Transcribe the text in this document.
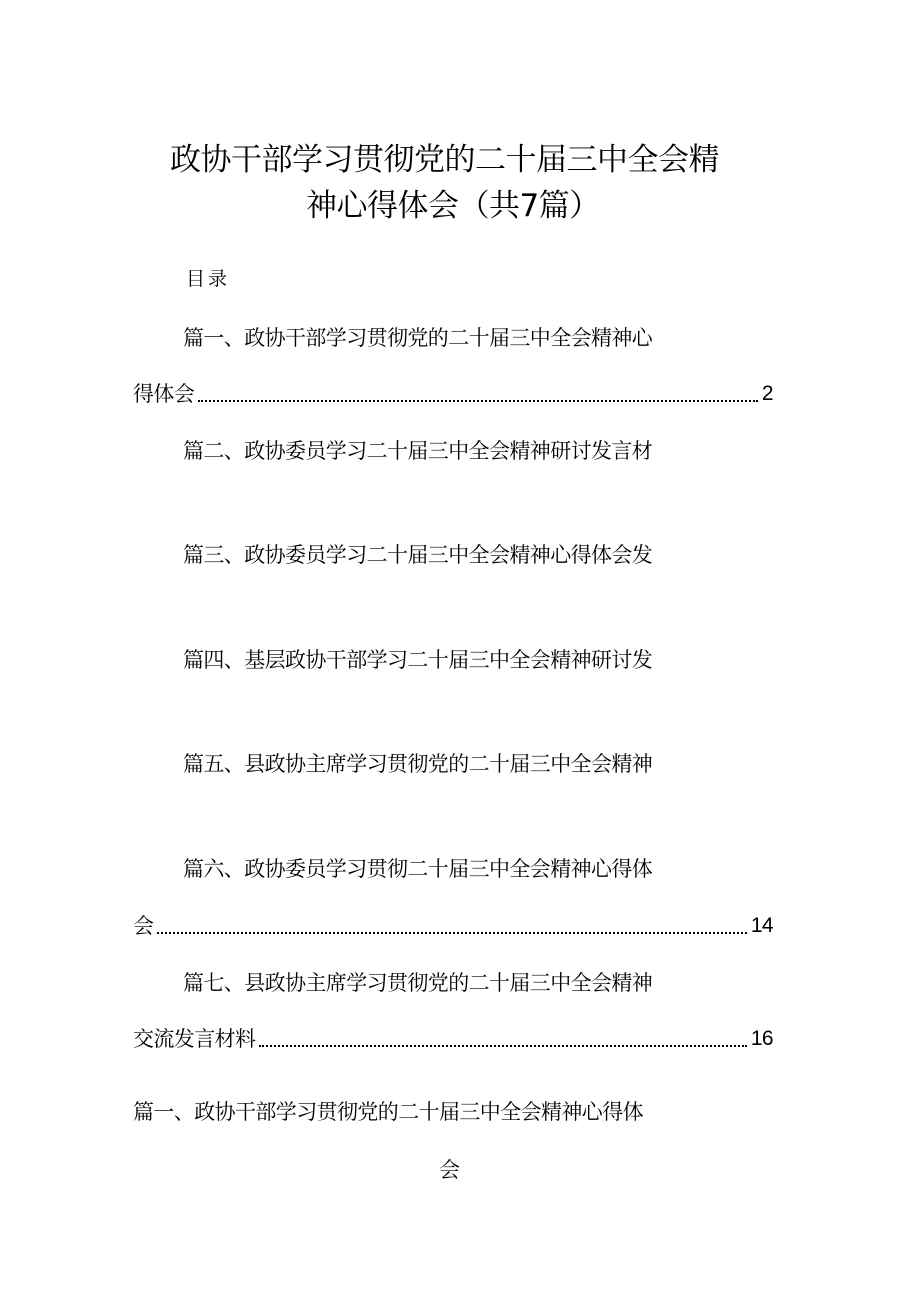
政协干部学习贯彻党的二十届三中全会精
神心得体会（共7篇）
目录
篇一、政协干部学习贯彻党的二十届三中全会精神心
得体会	2
篇二、政协委员学习二十届三中全会精神研讨发言材
篇三、政协委员学习二十届三中全会精神心得体会发
篇四、基层政协干部学习二十届三中全会精神研讨发
篇五、县政协主席学习贯彻党的二十届三中全会精神
篇六、政协委员学习贯彻二十届三中全会精神心得体
会	14
篇七、县政协主席学习贯彻党的二十届三中全会精神
交流发言材料	16
篇一、政协干部学习贯彻党的二十届三中全会精神心得体
会
